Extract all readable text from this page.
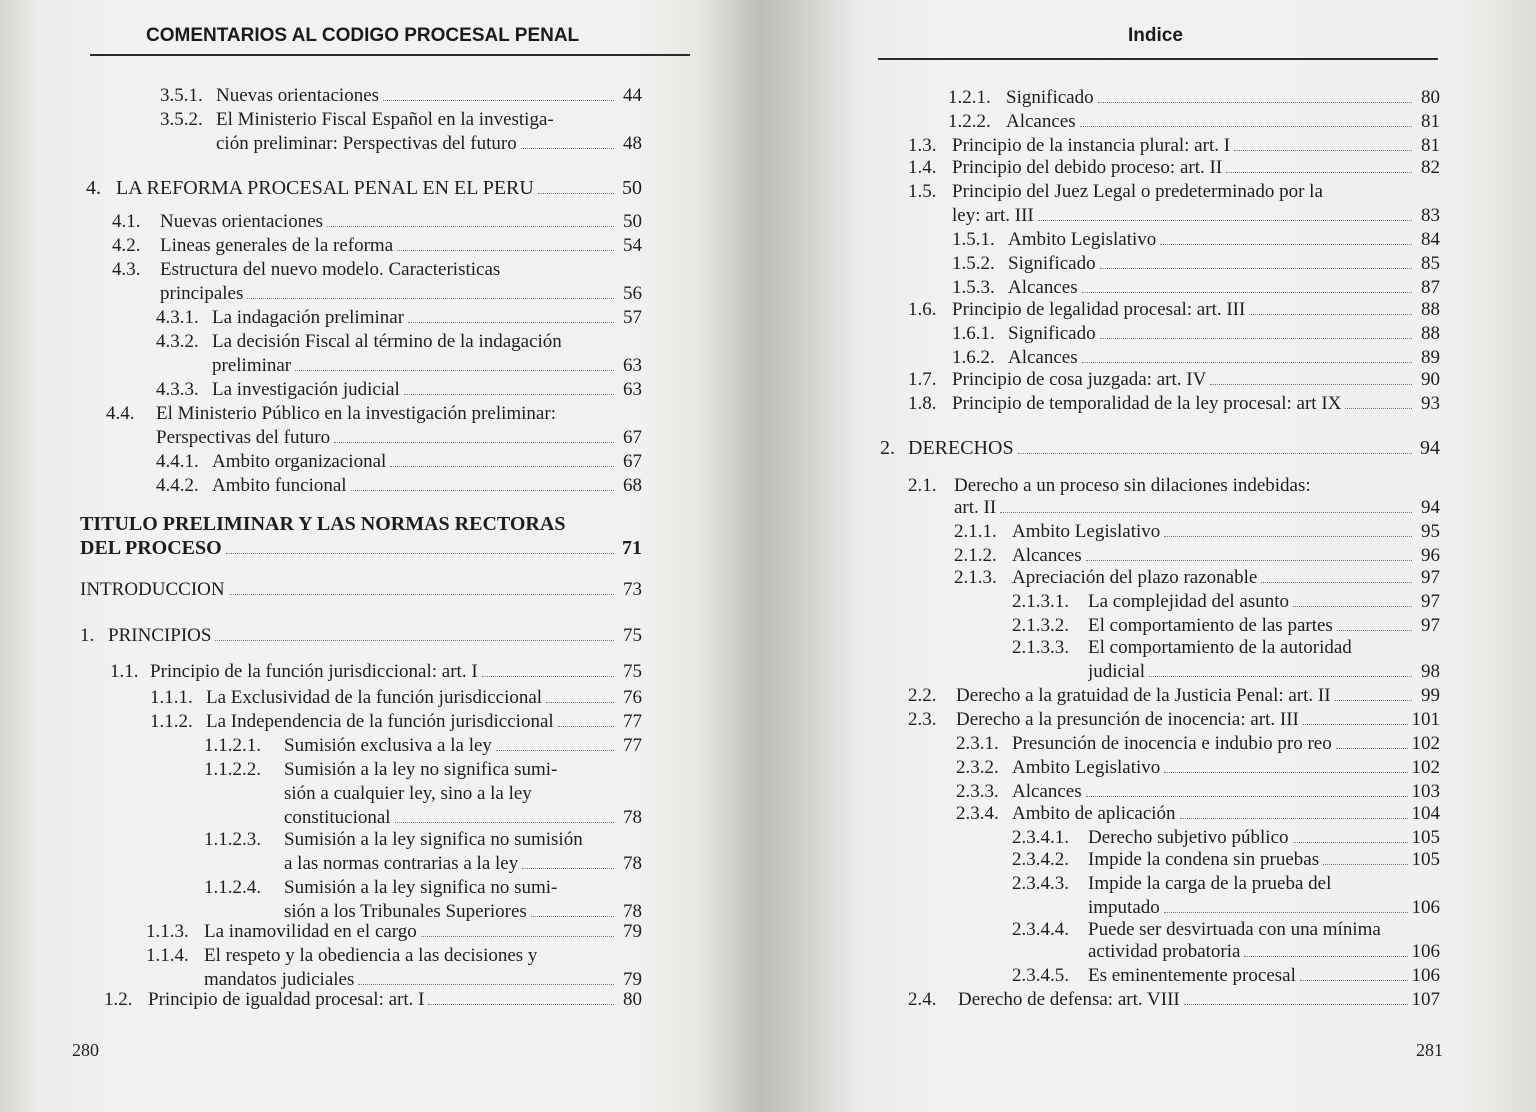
COMENTARIOS AL CODIGO PROCESAL PENAL
280
3.5.1. Nuevas orientaciones	44
3.5.2. El Ministerio Fiscal Español en la investiga-
ción preliminar: Perspectivas del futuro	48
4. LA REFORMA PROCESAL PENAL EN EL PERU	50
4.1.	Nuevas orientaciones	50
4.2.	Lineas generales de la reforma	54
4.3.	Estructura del nuevo modelo. Caracteristicas
principales	56
4.3.1. La indagación preliminar	57
4.3.2. La decisión Fiscal al término de la indagación
preliminar	63
4.3.3. La investigación judicial	63
4.4.	El Ministerio Público en la investigación preliminar:
Perspectivas del futuro	67
4.4.1. Ambito organizacional	67
4.4.2. Ambito funcional	68
TITULO PRELIMINAR Y LAS NORMAS RECTORAS
DEL PROCESO	71
INTRODUCCION	73
1. PRINCIPIOS	75
1.1. Principio de la función jurisdiccional: art. I	75
1.1.1. La Exclusividad de la función jurisdiccional	76
1.1.2. La Independencia de la función jurisdiccional	77
1.1.2.1.	Sumisión exclusiva a la ley	77
1.1.2.2.	Sumisión a la ley no significa sumi-
sión a cualquier ley, sino a la ley
constitucional	78
1.1.2.3.	Sumisión a la ley significa no sumisión
a las normas contrarias a la ley	78
1.1.2.4.	Sumisión a la ley significa no sumi-
sión a los Tribunales Superiores	78
1.1.3. La inamovilidad en el cargo	79
1.1.4. El respeto y la obediencia a las decisiones y
mandatos judiciales	79
1.2. Principio de igualdad procesal: art. I	80
Indice
281
1.2.1. Significado	80
1.2.2. Alcances	81
1.3. Principio de la instancia plural: art. I	81
1.4. Principio del debido proceso: art. II	82
1.5. Principio del Juez Legal o predeterminado por la
ley: art. III	83
1.5.1. Ambito Legislativo	84
1.5.2. Significado	85
1.5.3. Alcances	87
1.6. Principio de legalidad procesal: art. III	88
1.6.1. Significado	88
1.6.2. Alcances	89
1.7. Principio de cosa juzgada: art. IV	90
1.8. Principio de temporalidad de la ley procesal: art IX	93
2. DERECHOS	94
2.1. Derecho a un proceso sin dilaciones indebidas:
art. II	94
2.1.1. Ambito Legislativo	95
2.1.2. Alcances	96
2.1.3. Apreciación del plazo razonable	97
2.1.3.1.	La complejidad del asunto	97
2.1.3.2.	El comportamiento de las partes	97
2.1.3.3.	El comportamiento de la autoridad
judicial	98
2.2.	Derecho a la gratuidad de la Justicia Penal: art. II	99
2.3.	Derecho a la presunción de inocencia: art. III	101
2.3.1. Presunción de inocencia e indubio pro reo	102
2.3.2. Ambito Legislativo	102
2.3.3. Alcances	103
2.3.4. Ambito de aplicación	104
2.3.4.1.	Derecho subjetivo público	105
2.3.4.2.	Impide la condena sin pruebas	105
2.3.4.3.	Impide la carga de la prueba del
imputado	106
2.3.4.4.	Puede ser desvirtuada con una mínima
actividad probatoria	106
2.3.4.5.	Es eminentemente procesal	106
2.4.	Derecho de defensa: art. VIII	107
